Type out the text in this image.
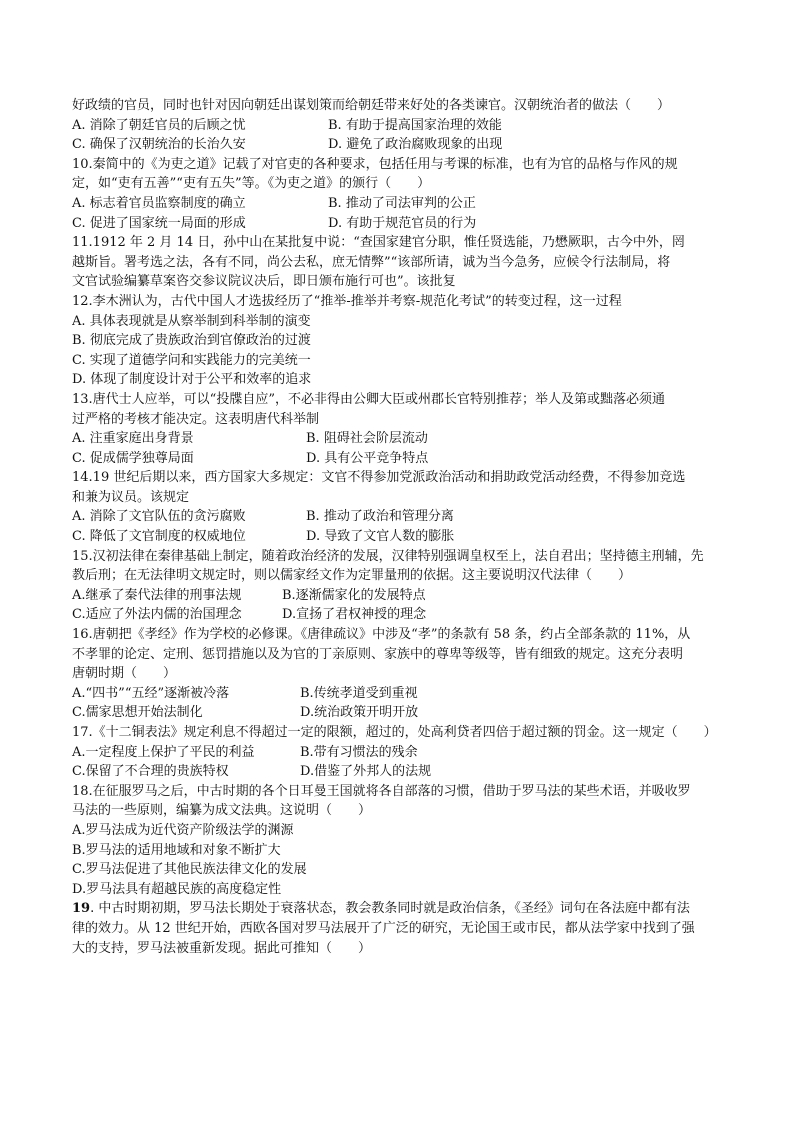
好政绩的官员，同时也针对因向朝廷出谋划策而给朝廷带来好处的各类谏官。汉朝统治者的做法（　　）
A. 消除了朝廷官员的后顾之忧	B. 有助于提高国家治理的效能
C. 确保了汉朝统治的长治久安	D. 避免了政治腐败现象的出现
10.秦简中的《为吏之道》记载了对官吏的各种要求，包括任用与考课的标准，也有为官的品格与作风的规
定，如“吏有五善”“吏有五失”等。《为吏之道》的颁行（　　）
A. 标志着官员监察制度的确立	B. 推动了司法审判的公正
C. 促进了国家统一局面的形成	D. 有助于规范官员的行为
11.1912 年 2 月 14 日，孙中山在某批复中说：“查国家建官分职，惟任贤选能，乃懋厥职，古今中外，罔
越斯旨。署考选之法，各有不同，尚公去私，庶无情弊”“该部所请，诚为当今急务，应候令行法制局，将
文官试验编纂草案咨交参议院议决后，即日颁布施行可也”。该批复
12.李木洲认为，古代中国人才选拔经历了“推举-推举并考察-规范化考试”的转变过程，这一过程
A. 具体表现就是从察举制到科举制的演变
B. 彻底完成了贵族政治到官僚政治的过渡
C. 实现了道德学问和实践能力的完美统一
D. 体现了制度设计对于公平和效率的追求
13.唐代士人应举，可以“投牒自应”，不必非得由公卿大臣或州郡长官特别推荐；举人及第或黜落必须通
过严格的考核才能决定。这表明唐代科举制
A. 注重家庭出身背景	B. 阻碍社会阶层流动
C. 促成儒学独尊局面	D. 具有公平竞争特点
14.19 世纪后期以来，西方国家大多规定：文官不得参加党派政治活动和捐助政党活动经费，不得参加竞选
和兼为议员。该规定
A. 消除了文官队伍的贪污腐败	B. 推动了政治和管理分离
C. 降低了文官制度的权威地位	D. 导致了文官人数的膨胀
15.汉初法律在秦律基础上制定，随着政治经济的发展，汉律特别强调皇权至上，法自君出；坚持德主刑辅，先
教后刑；在无法律明文规定时，则以儒家经文作为定罪量刑的依据。这主要说明汉代法律（　　）
A.继承了秦代法律的刑事法规	B.逐渐儒家化的发展特点
C.适应了外法内儒的治国理念	D.宣扬了君权神授的理念
16.唐朝把《孝经》作为学校的必修课。《唐律疏议》中涉及“孝”的条款有 58 条，约占全部条款的 11%，从
不孝罪的论定、定刑、惩罚措施以及为官的丁亲原则、家族中的尊卑等级等，皆有细致的规定。这充分表明
唐朝时期（　　）
A.“四书”“五经”逐渐被冷落	B.传统孝道受到重视
C.儒家思想开始法制化	D.统治政策开明开放
17.《十二铜表法》规定利息不得超过一定的限额，超过的，处高利贷者四倍于超过额的罚金。这一规定（　　）
A.一定程度上保护了平民的利益	B.带有习惯法的残余
C.保留了不合理的贵族特权	D.借鉴了外邦人的法规
18.在征服罗马之后，中古时期的各个日耳曼王国就将各自部落的习惯，借助于罗马法的某些术语，并吸收罗
马法的一些原则，编纂为成文法典。这说明（　　）
A.罗马法成为近代资产阶级法学的渊源
B.罗马法的适用地域和对象不断扩大
C.罗马法促进了其他民族法律文化的发展
D.罗马法具有超越民族的高度稳定性
19. 中古时期初期，罗马法长期处于衰落状态，教会教条同时就是政治信条，《圣经》词句在各法庭中都有法
律的效力。从 12 世纪开始，西欧各国对罗马法展开了广泛的研究，无论国王或市民，都从法学家中找到了强
大的支持，罗马法被重新发现。据此可推知（　　）
